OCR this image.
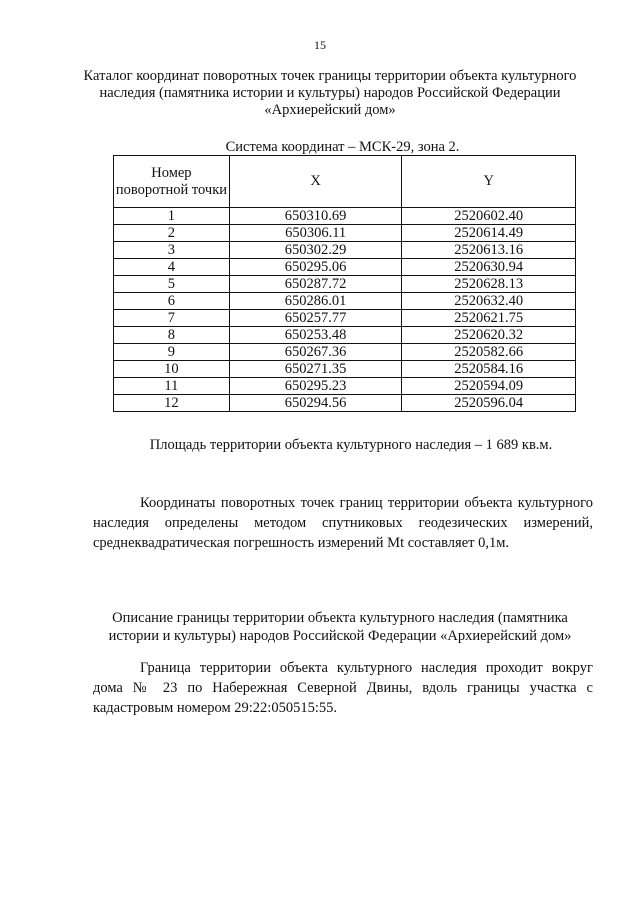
15
Каталог координат поворотных точек границы территории объекта культурного наследия (памятника истории и культуры) народов Российской Федерации «Архиерейский дом»
Система координат – МСК-29, зона 2.
Номер поворотной точки	X	Y
1	650310.69	2520602.40
2	650306.11	2520614.49
3	650302.29	2520613.16
4	650295.06	2520630.94
5	650287.72	2520628.13
6	650286.01	2520632.40
7	650257.77	2520621.75
8	650253.48	2520620.32
9	650267.36	2520582.66
10	650271.35	2520584.16
11	650295.23	2520594.09
12	650294.56	2520596.04
Площадь территории объекта культурного наследия – 1 689 кв.м.
Координаты поворотных точек границ территории объекта культурного наследия определены методом спутниковых геодезических измерений, среднеквадратическая погрешность измерений Mt составляет 0,1м.
Описание границы территории объекта культурного наследия (памятника истории и культуры) народов Российской Федерации «Архиерейский дом»
Граница территории объекта культурного наследия проходит вокруг дома № 23 по Набережная Северной Двины, вдоль границы участка с кадастровым номером 29:22:050515:55.
